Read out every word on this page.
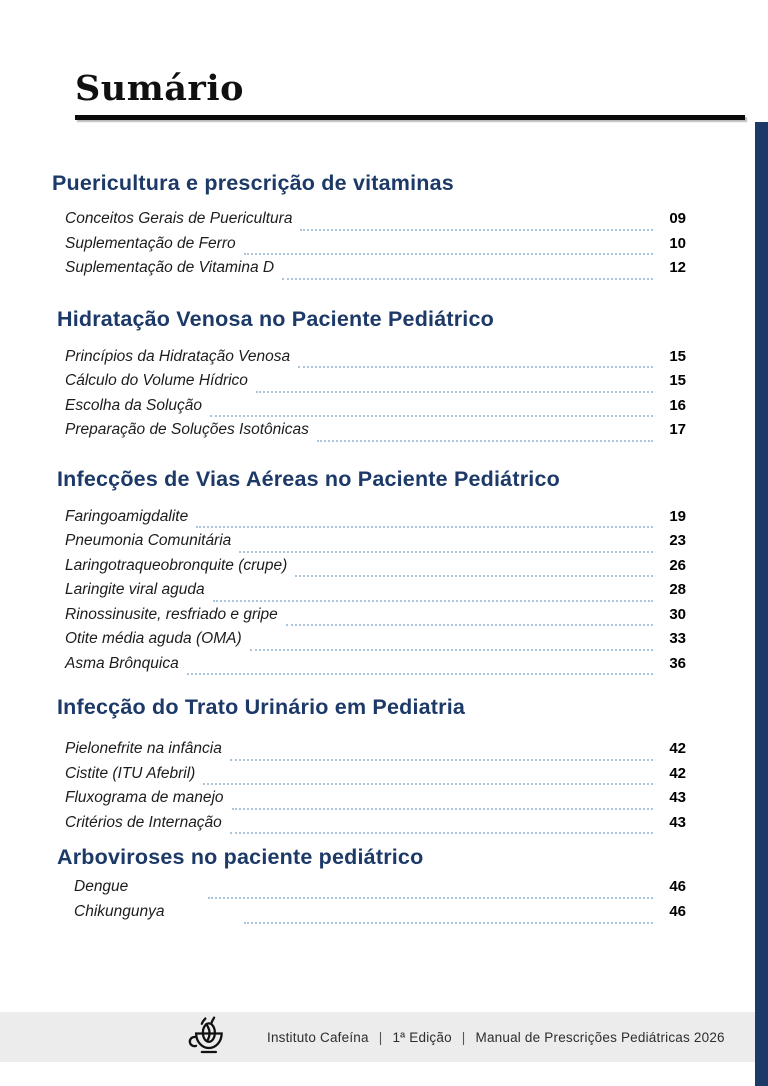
Sumário
Puericultura e prescrição de vitaminas
Conceitos Gerais de Puericultura	09
Suplementação de Ferro	10
Suplementação de Vitamina D	12
Hidratação Venosa no Paciente Pediátrico
Princípios da Hidratação Venosa	15
Cálculo do Volume Hídrico	15
Escolha da Solução	16
Preparação de Soluções Isotônicas	17
Infecções de Vias Aéreas no Paciente Pediátrico
Faringoamigdalite	19
Pneumonia Comunitária	23
Laringotraqueobronquite (crupe)	26
Laringite viral aguda	28
Rinossinusite, resfriado e gripe	30
Otite média aguda (OMA)	33
Asma Brônquica	36
Infecção do Trato Urinário em Pediatria
Pielonefrite na infância	42
Cistite (ITU Afebril)	42
Fluxograma de manejo	43
Critérios de Internação	43
Arboviroses no paciente pediátrico
Dengue	46
Chikungunya	46
Instituto Cafeína | 1ª Edição | Manual de Prescrições Pediátricas 2026
